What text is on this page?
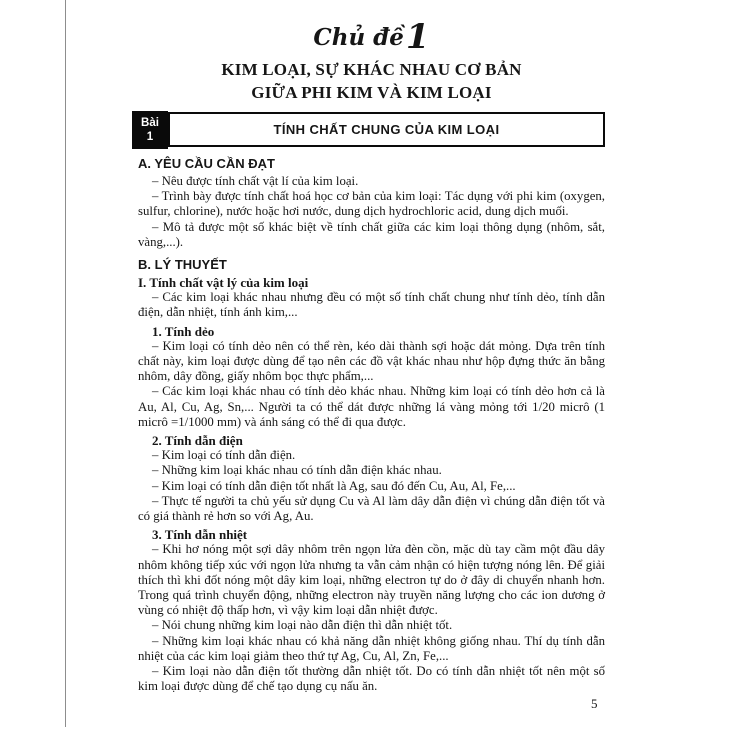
Chủ đề1
KIM LOẠI, SỰ KHÁC NHAU CƠ BẢN
GIỮA PHI KIM VÀ KIM LOẠI
Bài
1	TÍNH CHẤT CHUNG CỦA KIM LOẠI
A. YÊU CẦU CẦN ĐẠT

– Nêu được tính chất vật lí của kim loại.

– Trình bày được tính chất hoá học cơ bản của kim loại: Tác dụng với phi kim (oxygen, sulfur, chlorine), nước hoặc hơi nước, dung dịch hydrochloric acid, dung dịch muối.

– Mô tả được một số khác biệt về tính chất giữa các kim loại thông dụng (nhôm, sắt, vàng,...).

B. LÝ THUYẾT
I. Tính chất vật lý của kim loại

– Các kim loại khác nhau nhưng đều có một số tính chất chung như tính dẻo, tính dẫn điện, dẫn nhiệt, tính ánh kim,...

1. Tính dẻo

– Kim loại có tính dẻo nên có thể rèn, kéo dài thành sợi hoặc dát mỏng. Dựa trên tính chất này, kim loại được dùng để tạo nên các đồ vật khác nhau như hộp đựng thức ăn bằng nhôm, dây đồng, giấy nhôm bọc thực phẩm,...

– Các kim loại khác nhau có tính dẻo khác nhau. Những kim loại có tính dẻo hơn cả là Au, Al, Cu, Ag, Sn,... Người ta có thể dát được những lá vàng mỏng tới 1/20 micrô (1 micrô =1/1000 mm) và ánh sáng có thể đi qua được.

2. Tính dẫn điện

– Kim loại có tính dẫn điện.

– Những kim loại khác nhau có tính dẫn điện khác nhau.

– Kim loại có tính dẫn điện tốt nhất là Ag, sau đó đến Cu, Au, Al, Fe,...

– Thực tế người ta chủ yếu sử dụng Cu và Al làm dây dẫn điện vì chúng dẫn điện tốt và có giá thành rẻ hơn so với Ag, Au.

3. Tính dẫn nhiệt

– Khi hơ nóng một sợi dây nhôm trên ngọn lửa đèn cồn, mặc dù tay cầm một đầu dây nhôm không tiếp xúc với ngọn lửa nhưng ta vẫn cảm nhận có hiện tượng nóng lên. Để giải thích thì khi đốt nóng một dây kim loại, những electron tự do ở đây di chuyển nhanh hơn. Trong quá trình chuyển động, những electron này truyền năng lượng cho các ion dương ở vùng có nhiệt độ thấp hơn, vì vậy kim loại dẫn nhiệt được.

– Nói chung những kim loại nào dẫn điện thì dẫn nhiệt tốt.

– Những kim loại khác nhau có khả năng dẫn nhiệt không giống nhau. Thí dụ tính dẫn nhiệt của các kim loại giảm theo thứ tự Ag, Cu, Al, Zn, Fe,...

– Kim loại nào dẫn điện tốt thường dẫn nhiệt tốt. Do có tính dẫn nhiệt tốt nên một số kim loại được dùng để chế tạo dụng cụ nấu ăn.

5
